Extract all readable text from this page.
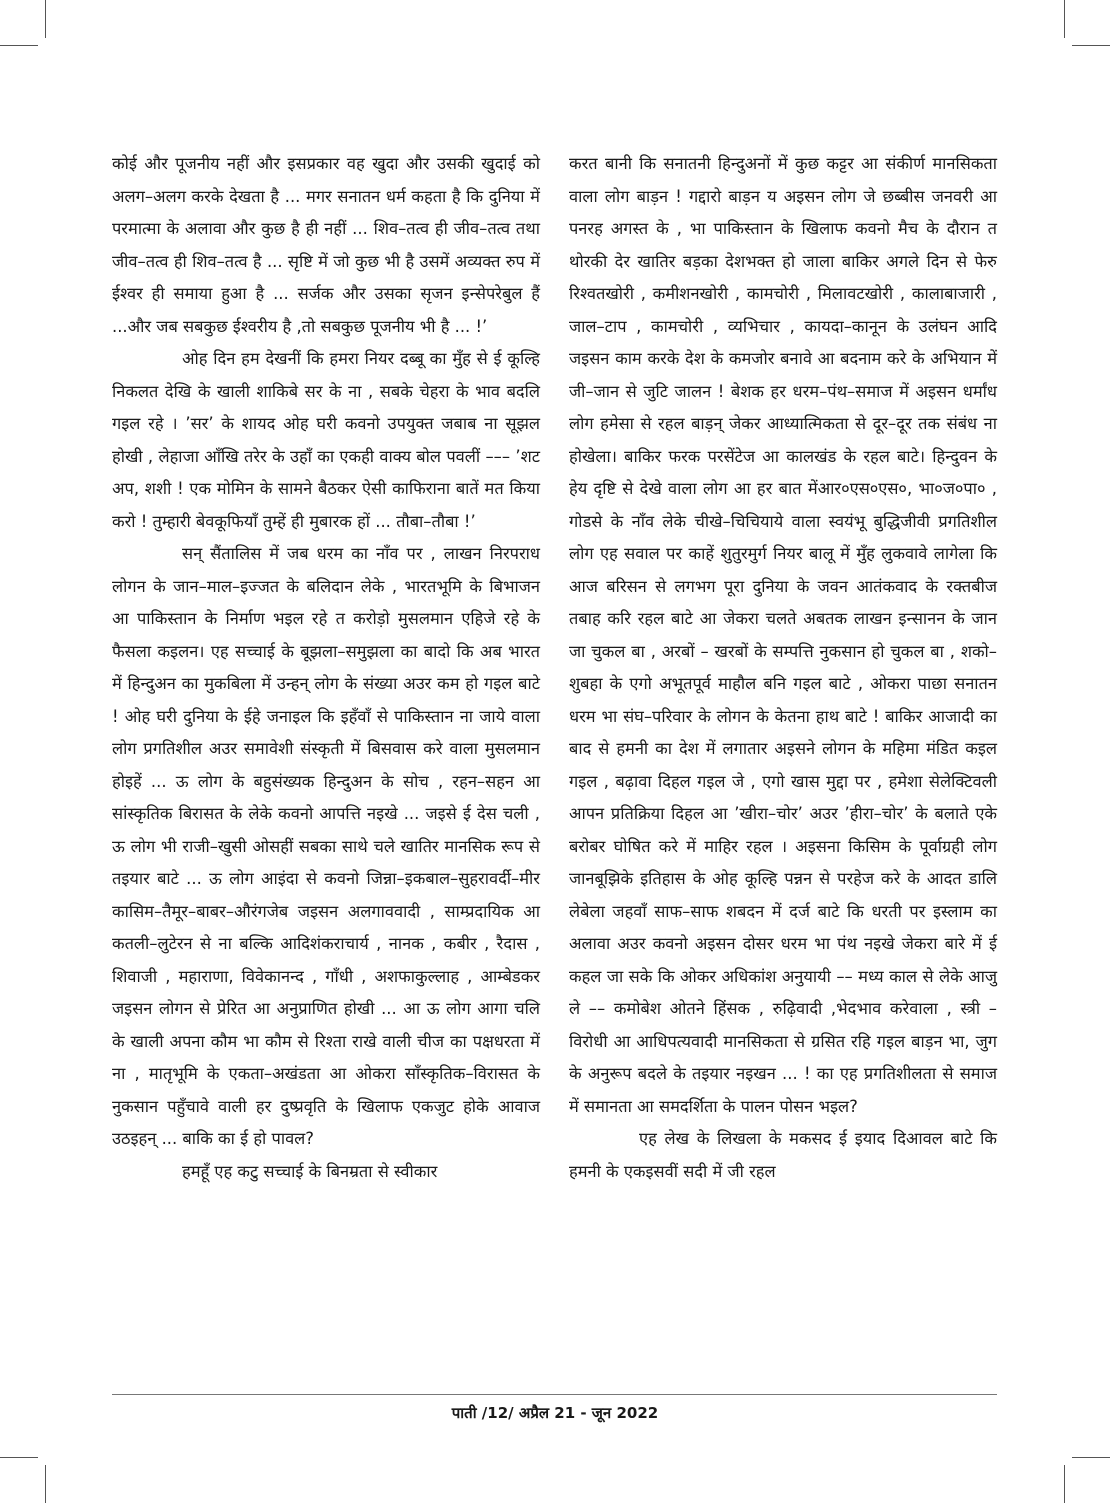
कोई और पूजनीय नहीं और इसप्रकार वह खुदा और उसकी खुदाई को अलग–अलग करके देखता है ... मगर सनातन धर्म कहता है कि दुनिया में परमात्मा के अलावा और कुछ है ही नहीं ... शिव–तत्व ही जीव–तत्व तथा जीव–तत्व ही शिव–तत्व है ... सृष्टि में जो कुछ भी है उसमें अव्यक्त रुप में ईश्वर ही समाया हुआ है ... सर्जक और उसका सृजन इन्सेपरेबुल हैं ...और जब सबकुछ ईश्वरीय है ,तो सबकुछ पूजनीय भी है ... !’

ओह दिन हम देखनीं कि हमरा नियर दब्बू का मुँह से ई कूल्हि निकलत देखि के खाली शाकिबे सर के ना , सबके चेहरा के भाव बदलि गइल रहे । ’सर’ के शायद ओह घरी कवनो उपयुक्त जबाब ना सूझल होखी , लेहाजा आँखि तरेर के उहाँ का एकही वाक्य बोल पवलीं ––– ’शट अप, शशी ! एक मोमिन के सामने बैठकर ऐसी काफिराना बातें मत किया करो ! तुम्हारी बेवकूफियाँ तुम्हें ही मुबारक हों ... तौबा–तौबा !’

सन् सैंतालिस में जब धरम का नाँव पर , लाखन निरपराध लोगन के जान–माल–इज्जत के बलिदान लेके , भारतभूमि के बिभाजन आ पाकिस्तान के निर्माण भइल रहे त करोड़ो मुसलमान एहिजे रहे के फैसला कइलन। एह सच्चाई के बूझला–समुझला का बादो कि अब भारत में हिन्दुअन का मुकबिला में उन्हन् लोग के संख्या अउर कम हो गइल बाटे ! ओह घरी दुनिया के ईहे जनाइल कि इहँवाँ से पाकिस्तान ना जाये वाला लोग प्रगतिशील अउर समावेशी संस्कृती में बिसवास करे वाला मुसलमान होइहें ... ऊ लोग के बहुसंख्यक हिन्दुअन के सोच , रहन–सहन आ सांस्कृतिक बिरासत के लेके कवनो आपत्ति नइखे ... जइसे ई देस चली , ऊ लोग भी राजी–खुसी ओसहीं सबका साथे चले खातिर मानसिक रूप से तइयार बाटे ... ऊ लोग आइंदा से कवनो जिन्ना–इकबाल–सुहरावर्दी–मीर कासिम–तैमूर–बाबर–औरंगजेब जइसन अलगाववादी , साम्प्रदायिक आ कतली–लुटेरन से ना बल्कि आदिशंकराचार्य , नानक , कबीर , रैदास , शिवाजी , महाराणा, विवेकानन्द , गाँधी , अशफाकुल्लाह , आम्बेडकर जइसन लोगन से प्रेरित आ अनुप्राणित होखी ... आ ऊ लोग आगा चलि के खाली अपना कौम भा कौम से रिश्ता राखे वाली चीज का पक्षधरता में ना , मातृभूमि के एकता–अखंडता आ ओकरा साँस्कृतिक–विरासत के नुकसान पहुँचावे वाली हर दुष्प्रवृति के खिलाफ एकजुट होके आवाज उठइहन् ... बाकि का ई हो पावल?

हमहूँ एह कटु सच्चाई के बिनम्रता से स्वीकार

करत बानी कि सनातनी हिन्दुअनों में कुछ कट्टर आ संकीर्ण मानसिकता वाला लोग बाड़न ! गद्दारो बाड़न य अइसन लोग जे छब्बीस जनवरी आ पनरह अगस्त के , भा पाकिस्तान के खिलाफ कवनो मैच के दौरान त थोरकी देर खातिर बड़का देशभक्त हो जाला बाकिर अगले दिन से फेरु रिश्वतखोरी , कमीशनखोरी , कामचोरी , मिलावटखोरी , कालाबाजारी , जाल–टाप , कामचोरी , व्यभिचार , कायदा–कानून के उलंघन आदि जइसन काम करके देश के कमजोर बनावे आ बदनाम करे के अभियान में जी–जान से जुटि जालन ! बेशक हर धरम–पंथ–समाज में अइसन धर्मांध लोग हमेसा से रहल बाड़न् जेकर आध्यात्मिकता से दूर–दूर तक संबंध ना होखेला। बाकिर फरक परसेंटेज आ कालखंड के रहल बाटे। हिन्दुवन के हेय दृष्टि से देखे वाला लोग आ हर बात मेंआर०एस०एस०, भा०ज०पा० , गोडसे के नाँव लेके चीखे–चिचियाये वाला स्वयंभू बुद्धिजीवी प्रगतिशील लोग एह सवाल पर काहें शुतुरमुर्ग नियर बालू में मुँह लुकवावे लागेला कि आज बरिसन से लगभग पूरा दुनिया के जवन आतंकवाद के रक्तबीज तबाह करि रहल बाटे आ जेकरा चलते अबतक लाखन इन्सानन के जान जा चुकल बा , अरबों – खरबों के सम्पत्ति नुकसान हो चुकल बा , शको–शुबहा के एगो अभूतपूर्व माहौल बनि गइल बाटे , ओकरा पाछा सनातन धरम भा संघ–परिवार के लोगन के केतना हाथ बाटे ! बाकिर आजादी का बाद से हमनी का देश में लगातार अइसने लोगन के महिमा मंडित कइल गइल , बढ़ावा दिहल गइल जे , एगो खास मुद्दा पर , हमेशा सेलेक्टिवली आपन प्रतिक्रिया दिहल आ ’खीरा–चोर’ अउर ’हीरा–चोर’ के बलाते एके बरोबर घोषित करे में माहिर रहल । अइसना किसिम के पूर्वाग्रही लोग जानबूझिके इतिहास के ओह कूल्हि पन्नन से परहेज करे के आदत डालि लेबेला जहवाँ साफ–साफ शबदन में दर्ज बाटे कि धरती पर इस्लाम का अलावा अउर कवनो अइसन दोसर धरम भा पंथ नइखे जेकरा बारे में ई कहल जा सके कि ओकर अधिकांश अनुयायी –– मध्य काल से लेके आजु ले –– कमोबेश ओतने हिंसक , रुढ़िवादी ,भेदभाव करेवाला , स्त्री – विरोधी आ आधिपत्यवादी मानसिकता से ग्रसित रहि गइल बाड़न भा, जुग के अनुरूप बदले के तइयार नइखन ... ! का एह प्रगतिशीलता से समाज में समानता आ समदर्शिता के पालन पोसन भइल?

एह लेख के लिखला के मकसद ई इयाद दिआवल बाटे कि हमनी के एकइसवीं सदी में जी रहल

पाती /12/ अप्रैल 21 - जून 2022
